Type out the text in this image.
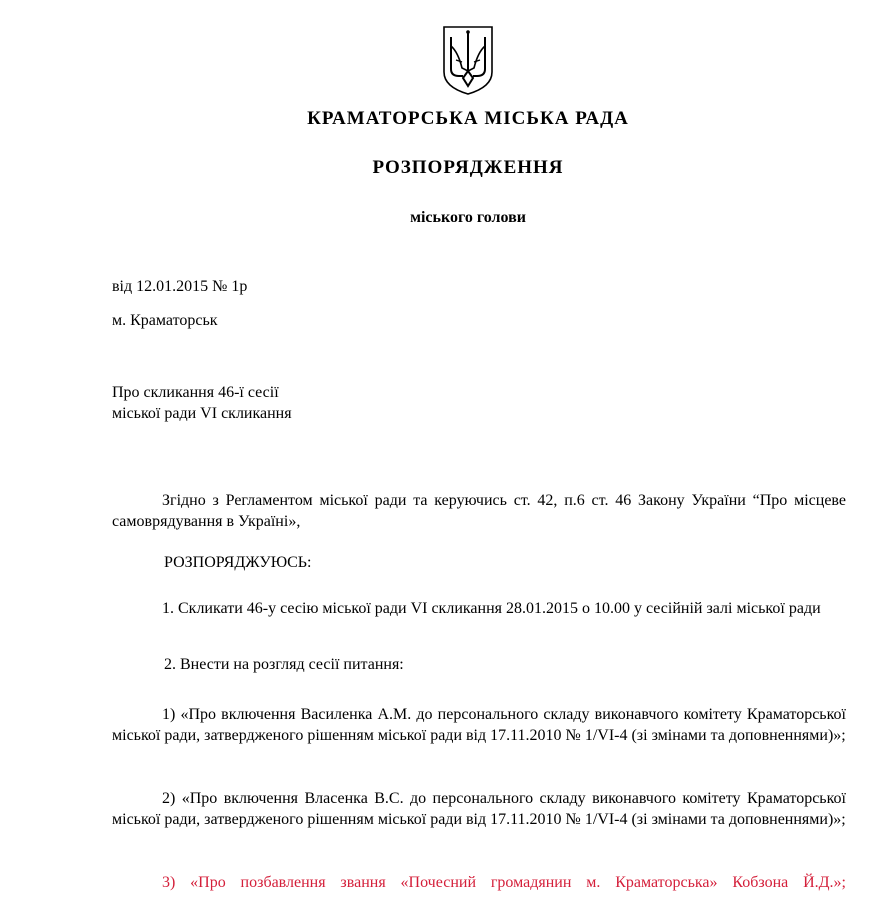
КРАМАТОРСЬКА МІСЬКА РАДА
РОЗПОРЯДЖЕННЯ
міського голови
від 12.01.2015 № 1р
м. Краматорськ
Про скликання 46-ї сесії
міської ради VI скликання
Згідно з Регламентом міської ради та керуючись ст. 42, п.6 ст. 46 Закону України “Про місцеве самоврядування в Україні»,
РОЗПОРЯДЖУЮСЬ:
1. Скликати 46-у сесію міської ради VI скликання 28.01.2015 о 10.00 у сесійній залі міської ради
2. Внести на розгляд сесії питання:
1) «Про включення Василенка А.М. до персонального складу виконавчого комітету Краматорської міської ради, затвердженого рішенням міської ради від 17.11.2010 № 1/VI-4 (зі змінами та доповненнями)»;
2) «Про включення Власенка В.С. до персонального складу виконавчого комітету Краматорської міської ради, затвердженого рішенням міської ради від 17.11.2010 № 1/VI-4 (зі змінами та доповненнями)»;
3) «Про позбавлення звання «Почесний громадянин м. Краматорська» Кобзона Й.Д.»;
